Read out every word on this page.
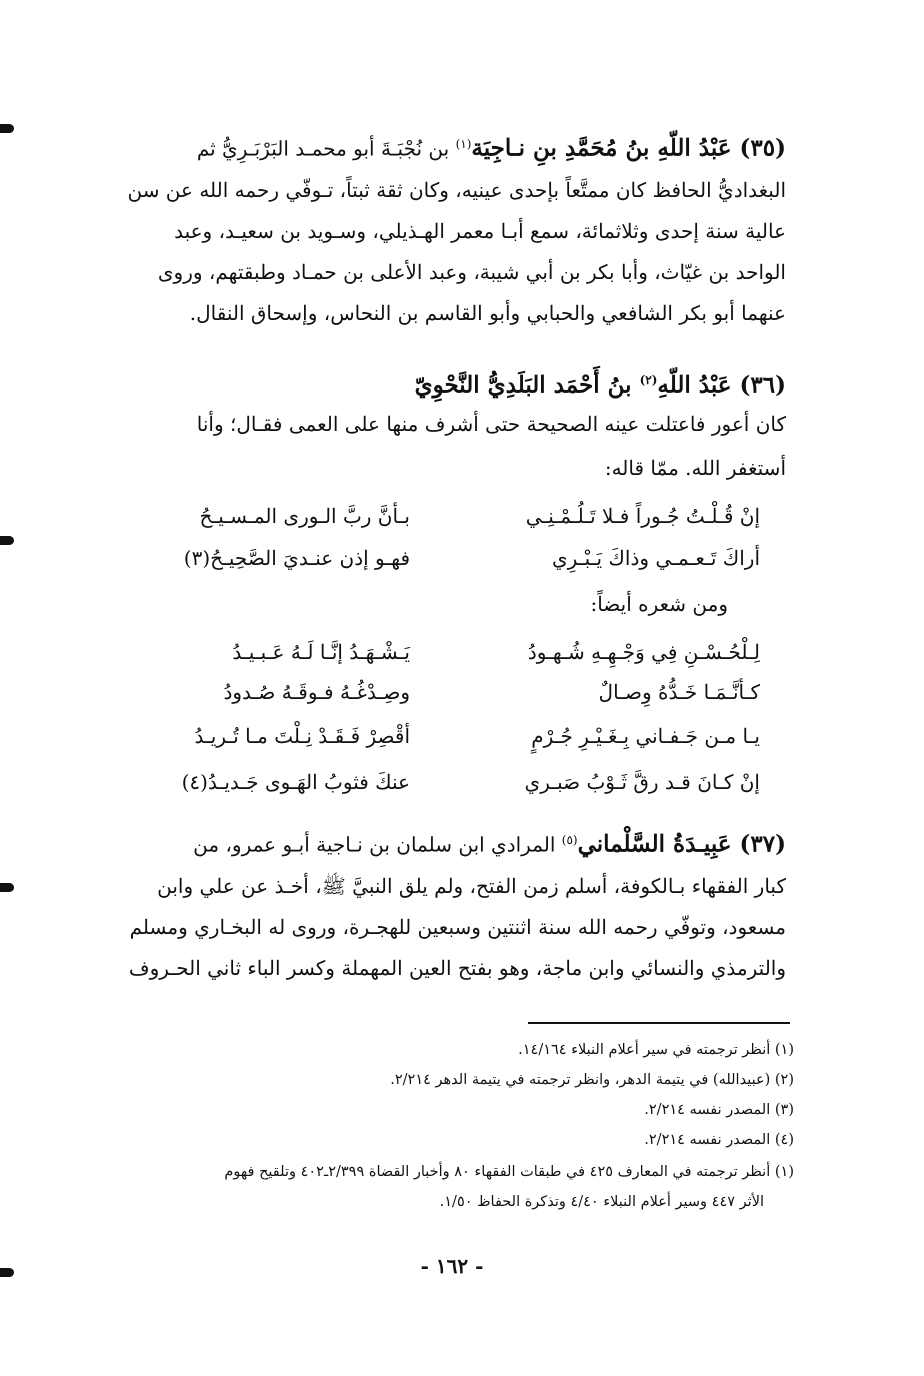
(٣٥) عَبْدُ اللّهِ بنُ مُحَمَّدِ بنِ نـاجِيَة$^{(١)}$ بن نُجْبَـةَ أبو محمـد البَرْبَـرِيُّ ثم
البغداديُّ الحافظ كان ممتَّعاً بإحدى عينيه، وكان ثقة ثبتاً، تـوفّي رحمه الله عن سن
عالية سنة إحدى وثلاثمائة، سمع أبـا معمر الهـذيلي، وسـويد بن سعيـد، وعبد
الواحد بن غيّاث، وأبا بكر بن أبي شيبة، وعبد الأعلى بن حمـاد وطبقتهم، وروى
عنهما أبو بكر الشافعي والحبابي وأبو القاسم بن النحاس، وإسحاق النقال.
(٣٦) عَبْدُ اللّهِ$^{(٢)}$ بنُ أَحْمَد البَلَدِيُّ النَّحْوِيّ
كان أعور فاعتلت عينه الصحيحة حتى أشرف منها على العمى فقـال؛ وأنا
أستغفر الله. ممّا قاله:
إنْ قُـلْـتُ جُـوراً فـلا تَـلُـمْـنِـي
بـأنَّ ربَّ الـورى المـسـيـحُ
أراكَ تَـعـمـي وذاكَ يَـبْـرِي
فهـو إذن عنـديَ الصَّحِيـحُ(٣)
ومن شعره أيضاً:
لِـلْحُـسْـنِ فِي وَجْـهِـهِ شُـهـودُ
يَـشْـهَـدُ إنَّـا لَـهُ عَـبـيـدُ
كـأنَّـمَـا خَـدُّهُ وِصـالٌ
وصِـدْغُـهُ فـوقَـهُ صُـدودُ
يـا مـن جَـفـاني بِـغَـيْـرِ جُـرْمٍ
أقْصِرْ فَـقَـدْ نِـلْتَ مـا تُـريـدُ
إنْ كـانَ قـد رقَّ ثَـوْبُ صَبـري
عنكَ فثوبُ الهَـوى جَـديـدُ(٤)
(٣٧) عَبِيـدَةُ السَّلْماني$^{(٥)}$ المرادي ابن سلمان بن نـاجية أبـو عمرو، من
كبار الفقهاء بـالكوفة، أسلم زمن الفتح، ولم يلق النبيَّ ﷺ، أخـذ عن علي وابن
مسعود، وتوفّي رحمه الله سنة اثنتين وسبعين للهجـرة، وروى له البخـاري ومسلم
والترمذي والنسائي وابن ماجة، وهو بفتح العين المهملة وكسر الباء ثاني الحـروف
(١) أنظر ترجمته في سير أعلام النبلاء ١٤/١٦٤.
(٢) (عبيدالله) في يتيمة الدهر، وانظر ترجمته في يتيمة الدهر ٢/٢١٤.
(٣) المصدر نفسه ٢/٢١٤.
(٤) المصدر نفسه ٢/٢١٤.
(١) أنظر ترجمته في المعارف ٤٢٥ في طبقات الفقهاء ٨٠ وأخبار القضاة ٢/٣٩٩ـ٤٠٢ وتلقيح فهوم
الأثر ٤٤٧ وسير أعلام النبلاء ٤/٤٠ وتذكرة الحفاظ ١/٥٠.
- ١٦٢ -
